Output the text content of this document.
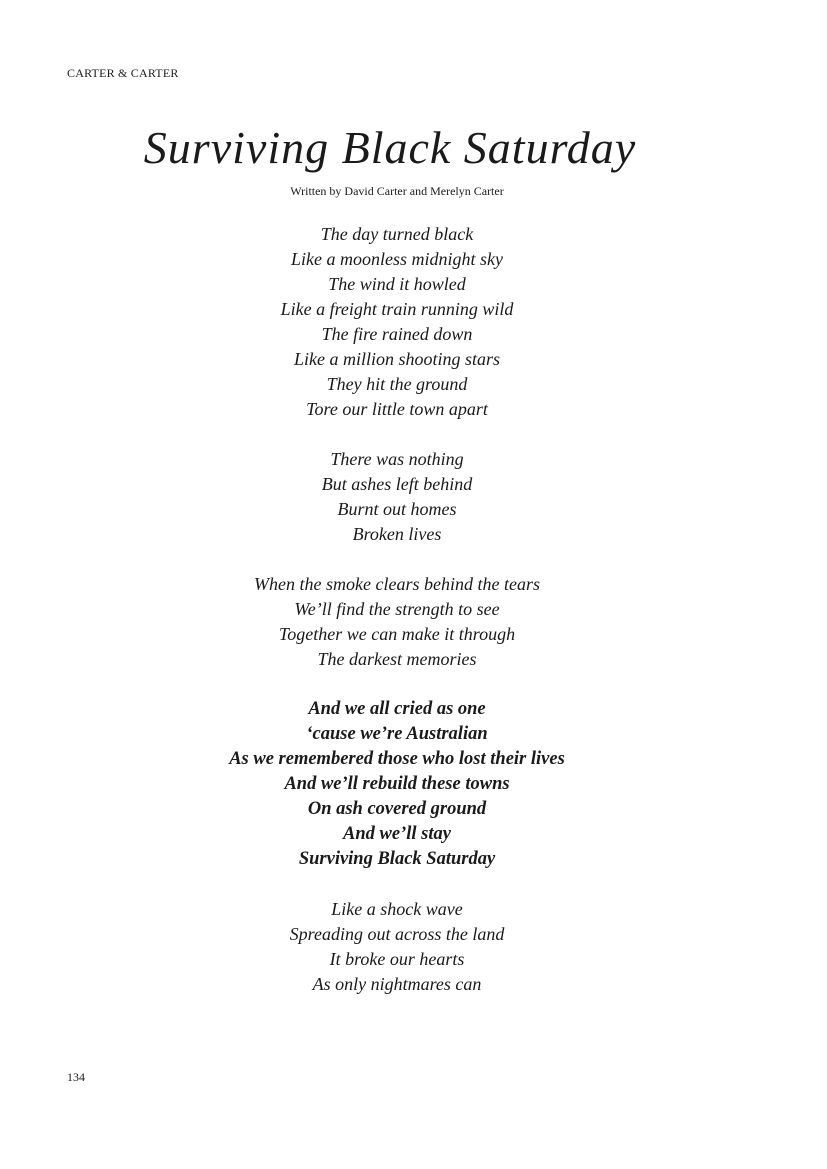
CARTER & CARTER
Surviving Black Saturday
Written by David Carter and Merelyn Carter
The day turned black
Like a moonless midnight sky
The wind it howled
Like a freight train running wild
The fire rained down
Like a million shooting stars
They hit the ground
Tore our little town apart
There was nothing
But ashes left behind
Burnt out homes
Broken lives
When the smoke clears behind the tears
We’ll find the strength to see
Together we can make it through
The darkest memories
And we all cried as one
‘cause we’re Australian
As we remembered those who lost their lives
And we’ll rebuild these towns
On ash covered ground
And we’ll stay
Surviving Black Saturday
Like a shock wave
Spreading out across the land
It broke our hearts
As only nightmares can
134
